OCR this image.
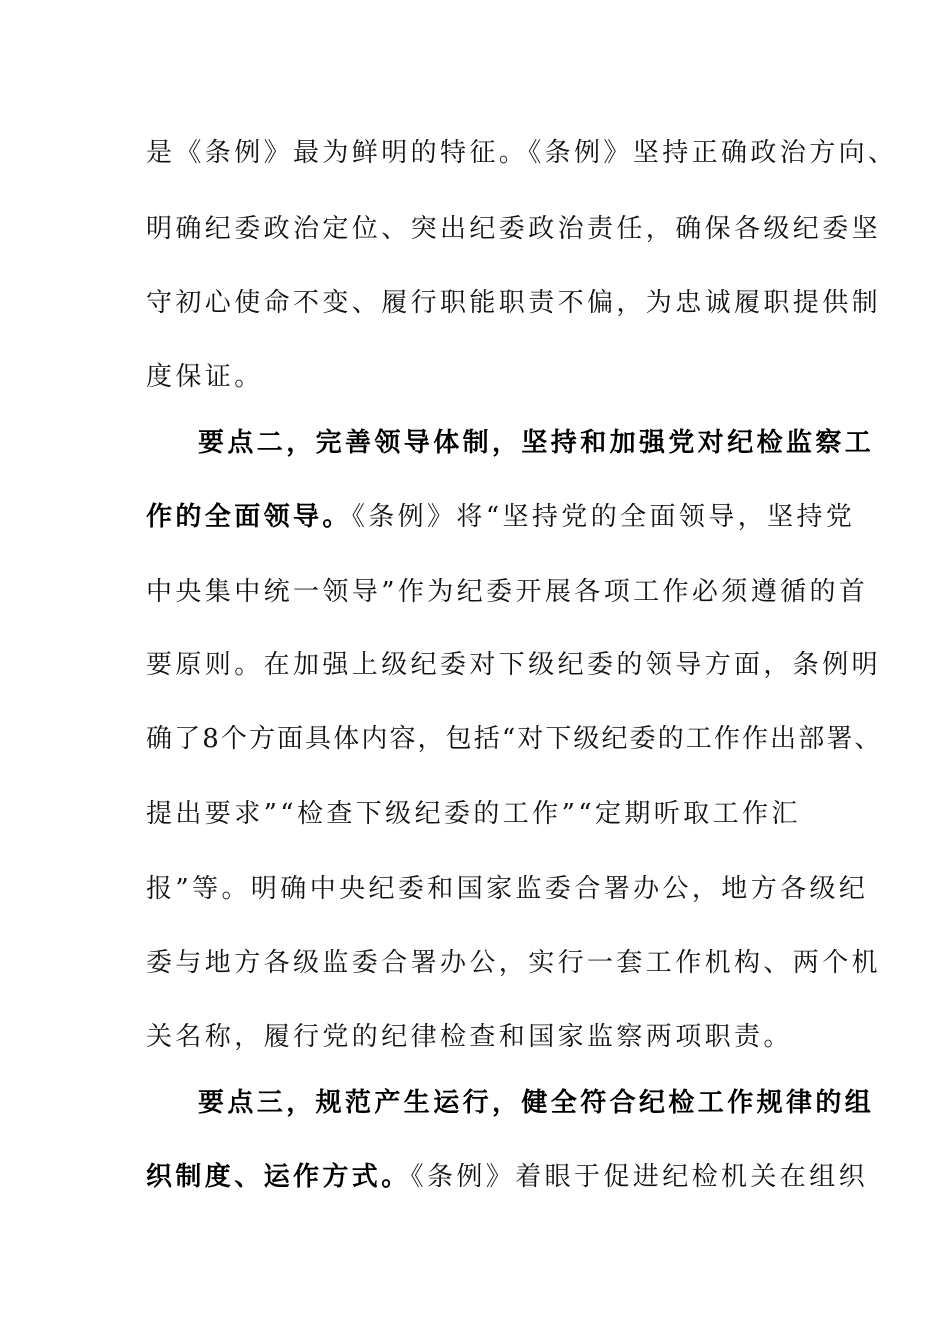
是《条例》最为鲜明的特征。《条例》坚持正确政治方向、
明确纪委政治定位、突出纪委政治责任，确保各级纪委坚
守初心使命不变、履行职能职责不偏，为忠诚履职提供制
度保证。
要点二，完善领导体制，坚持和加强党对纪检监察工
作的全面领导。《条例》将“坚持党的全面领导，坚持党
中央集中统一领导”作为纪委开展各项工作必须遵循的首
要原则。在加强上级纪委对下级纪委的领导方面，条例明
确了8个方面具体内容，包括“对下级纪委的工作作出部署、
提出要求”“检查下级纪委的工作”“定期听取工作汇
报”等。明确中央纪委和国家监委合署办公，地方各级纪
委与地方各级监委合署办公，实行一套工作机构、两个机
关名称，履行党的纪律检查和国家监察两项职责。
要点三，规范产生运行，健全符合纪检工作规律的组
织制度、运作方式。《条例》着眼于促进纪检机关在组织
